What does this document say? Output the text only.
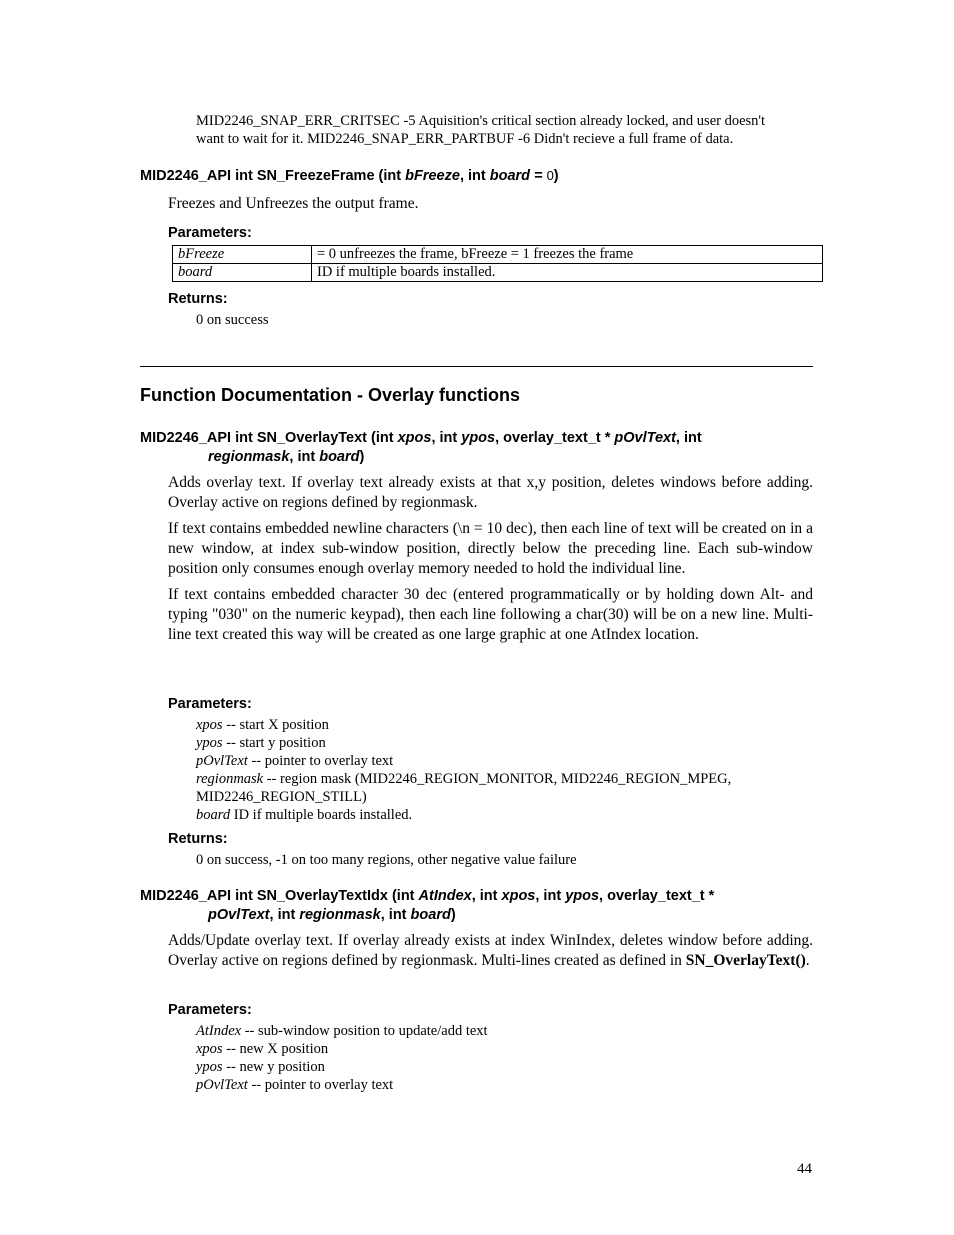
MID2246_SNAP_ERR_CRITSEC -5 Aquisition's critical section already locked, and user doesn't
want to wait for it. MID2246_SNAP_ERR_PARTBUF -6 Didn't recieve a full frame of data.
MID2246_API int SN_FreezeFrame (int bFreeze, int board = 0)

Freezes and Unfreezes the output frame.

Parameters:
bFreeze	= 0 unfreezes the frame, bFreeze = 1 freezes the frame
board	ID if multiple boards installed.
Returns:
0 on success
Function Documentation - Overlay functions
MID2246_API int SN_OverlayText (int xpos, int ypos, overlay_text_t * pOvlText, int
regionmask, int board)

Adds overlay text. If overlay text already exists at that x,y position, deletes windows before adding. Overlay active on regions defined by regionmask.

If text contains embedded newline characters (\n = 10 dec), then each line of text will be created on in a new window, at index sub-window position, directly below the preceding line. Each sub-window position only consumes enough overlay memory needed to hold the individual line.

If text contains embedded character 30 dec (entered programmatically or by holding down Alt- and typing "030" on the numeric keypad), then each line following a char(30) will be on a new line. Multi-line text created this way will be created as one large graphic at one AtIndex location.

Parameters:
xpos -- start X position
ypos -- start y position
pOvlText -- pointer to overlay text
regionmask -- region mask (MID2246_REGION_MONITOR, MID2246_REGION_MPEG,
MID2246_REGION_STILL)
board ID if multiple boards installed.
Returns:
0 on success, -1 on too many regions, other negative value failure
MID2246_API int SN_OverlayTextIdx (int AtIndex, int xpos, int ypos, overlay_text_t *
pOvlText, int regionmask, int board)

Adds/Update overlay text. If overlay already exists at index WinIndex, deletes window before adding. Overlay active on regions defined by regionmask. Multi-lines created as defined in SN_OverlayText().

Parameters:
AtIndex -- sub-window position to update/add text
xpos -- new X position
ypos -- new y position
pOvlText -- pointer to overlay text
44
